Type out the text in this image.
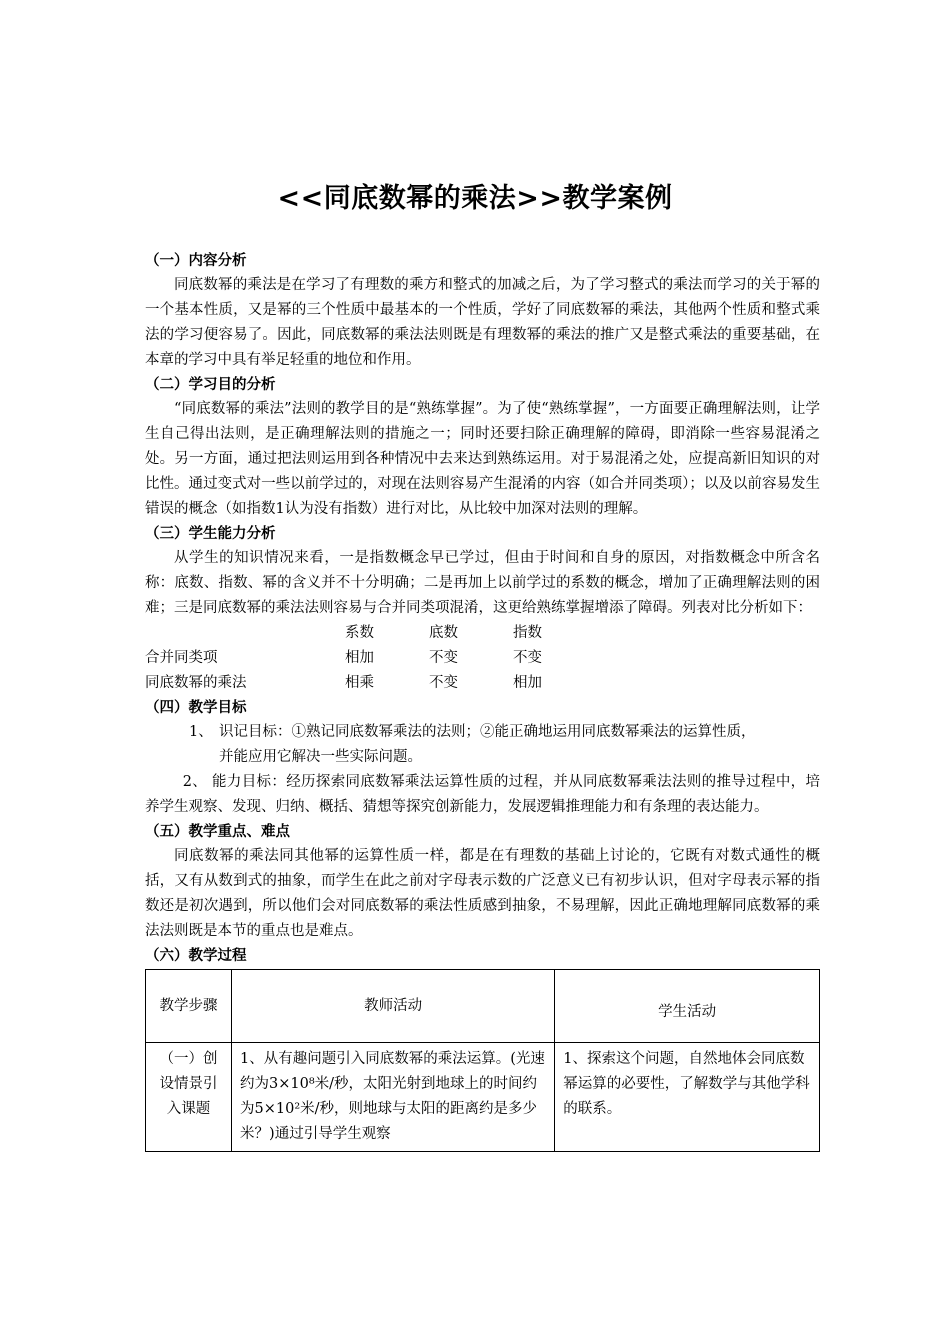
<<同底数幂的乘法>>教学案例
（一）内容分析

同底数幂的乘法是在学习了有理数的乘方和整式的加减之后，为了学习整式的乘法而学习的关于幂的一个基本性质，又是幂的三个性质中最基本的一个性质，学好了同底数幂的乘法，其他两个性质和整式乘法的学习便容易了。因此，同底数幂的乘法法则既是有理数幂的乘法的推广又是整式乘法的重要基础，在本章的学习中具有举足轻重的地位和作用。

（二）学习目的分析

“同底数幂的乘法”法则的教学目的是“熟练掌握”。为了使“熟练掌握”，一方面要正确理解法则，让学生自己得出法则，是正确理解法则的措施之一；同时还要扫除正确理解的障碍，即消除一些容易混淆之处。另一方面，通过把法则运用到各种情况中去来达到熟练运用。对于易混淆之处，应提高新旧知识的对比性。通过变式对一些以前学过的，对现在法则容易产生混淆的内容（如合并同类项）；以及以前容易发生错误的概念（如指数1认为没有指数）进行对比，从比较中加深对法则的理解。

（三）学生能力分析

从学生的知识情况来看，一是指数概念早已学过，但由于时间和自身的原因，对指数概念中所含名称：底数、指数、幂的含义并不十分明确；二是再加上以前学过的系数的概念，增加了正确理解法则的困难；三是同底数幂的乘法法则容易与合并同类项混淆，这更给熟练掌握增添了障碍。列表对比分析如下：

	系数	底数	指数
合并同类项	相加	不变	不变
同底数幂的乘法	相乘	不变	相加
（四）教学目标

1、 识记目标：①熟记同底数幂乘法的法则；②能正确地运用同底数幂乘法的运算性质，
并能应用它解决一些实际问题。

2、 能力目标：经历探索同底数幂乘法运算性质的过程，并从同底数幂乘法法则的推导过程中，培养学生观察、发现、归纳、概括、猜想等探究创新能力，发展逻辑推理能力和有条理的表达能力。

（五）教学重点、难点

同底数幂的乘法同其他幂的运算性质一样，都是在有理数的基础上讨论的，它既有对数式通性的概括，又有从数到式的抽象，而学生在此之前对字母表示数的广泛意义已有初步认识，但对字母表示幂的指数还是初次遇到，所以他们会对同底数幂的乘法性质感到抽象，不易理解，因此正确地理解同底数幂的乘法法则既是本节的重点也是难点。

（六）教学过程
教学步骤	教师活动	学生活动
（一）创设情景引入课题	1、从有趣问题引入同底数幂的乘法运算。(光速约为3×10⁸米/秒，太阳光射到地球上的时间约为5×10²米/秒，则地球与太阳的距离约是多少米？)通过引导学生观察	1、探索这个问题，自然地体会同底数幂运算的必要性，了解数学与其他学科的联系。
